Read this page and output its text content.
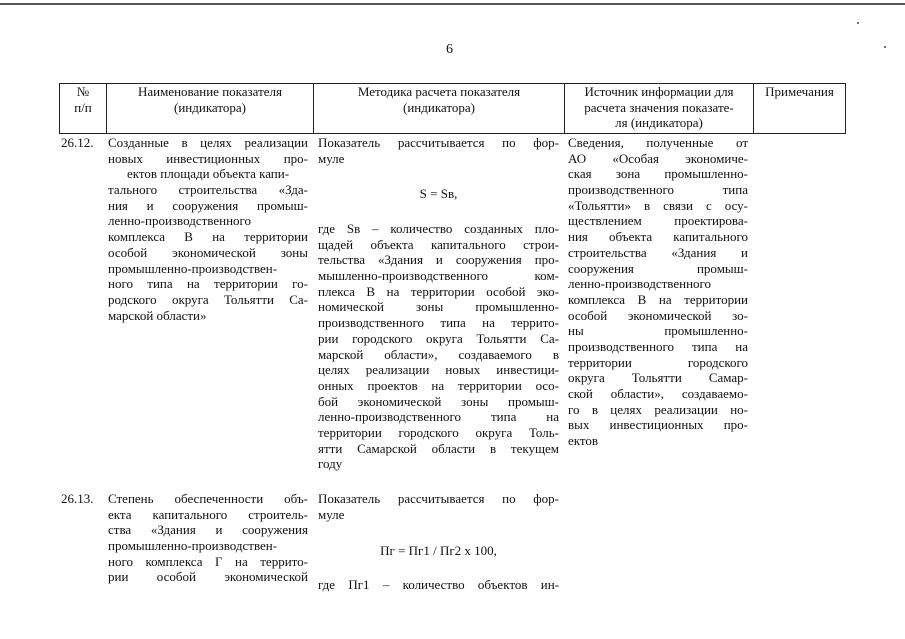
6
№
п/п
Наименование показателя
(индикатора)
Методика расчета показателя
(индикатора)
Источник информации для
расчета значения показате-
ля (индикатора)
Примечания
26.12. Созданные в целях реализации
новых инвестиционных про-
ектов площади объекта капи-
тального строительства «Зда-
ния и сооружения промыш-
ленно-производственного
комплекса В на территории
особой экономической зоны
промышленно-производствен-
ного типа на территории го-
родского округа Тольятти Са-
марской области»
Показатель рассчитывается по фор-
муле
S = Sв,
где Sв – количество созданных пло-
щадей объекта капитального строи-
тельства «Здания и сооружения про-
мышленно-производственного ком-
плекса В на территории особой эко-
номической зоны промышленно-
производственного типа на террито-
рии городского округа Тольятти Са-
марской области», создаваемого в
целях реализации новых инвестици-
онных проектов на территории осо-
бой экономической зоны промыш-
ленно-производственного типа на
территории городского округа Толь-
ятти Самарской области в текущем
году
Сведения, полученные от
АО «Особая экономиче-
ская зона промышленно-
производственного типа
«Тольятти» в связи с осу-
ществлением проектирова-
ния объекта капитального
строительства «Здания и
сооружения промыш-
ленно-производственного
комплекса В на территории
особой экономической зо-
ны промышленно-
производственного типа на
территории городского
округа Тольятти Самар-
ской области», создаваемо-
го в целях реализации но-
вых инвестиционных про-
ектов
26.13. Степень обеспеченности объ-
екта капитального строитель-
ства «Здания и сооружения
промышленно-производствен-
ного комплекса Г на террито-
рии особой экономической
Показатель рассчитывается по фор-
муле
Пг = Пг1 / Пг2 х 100,
где Пг1 – количество объектов ин-
